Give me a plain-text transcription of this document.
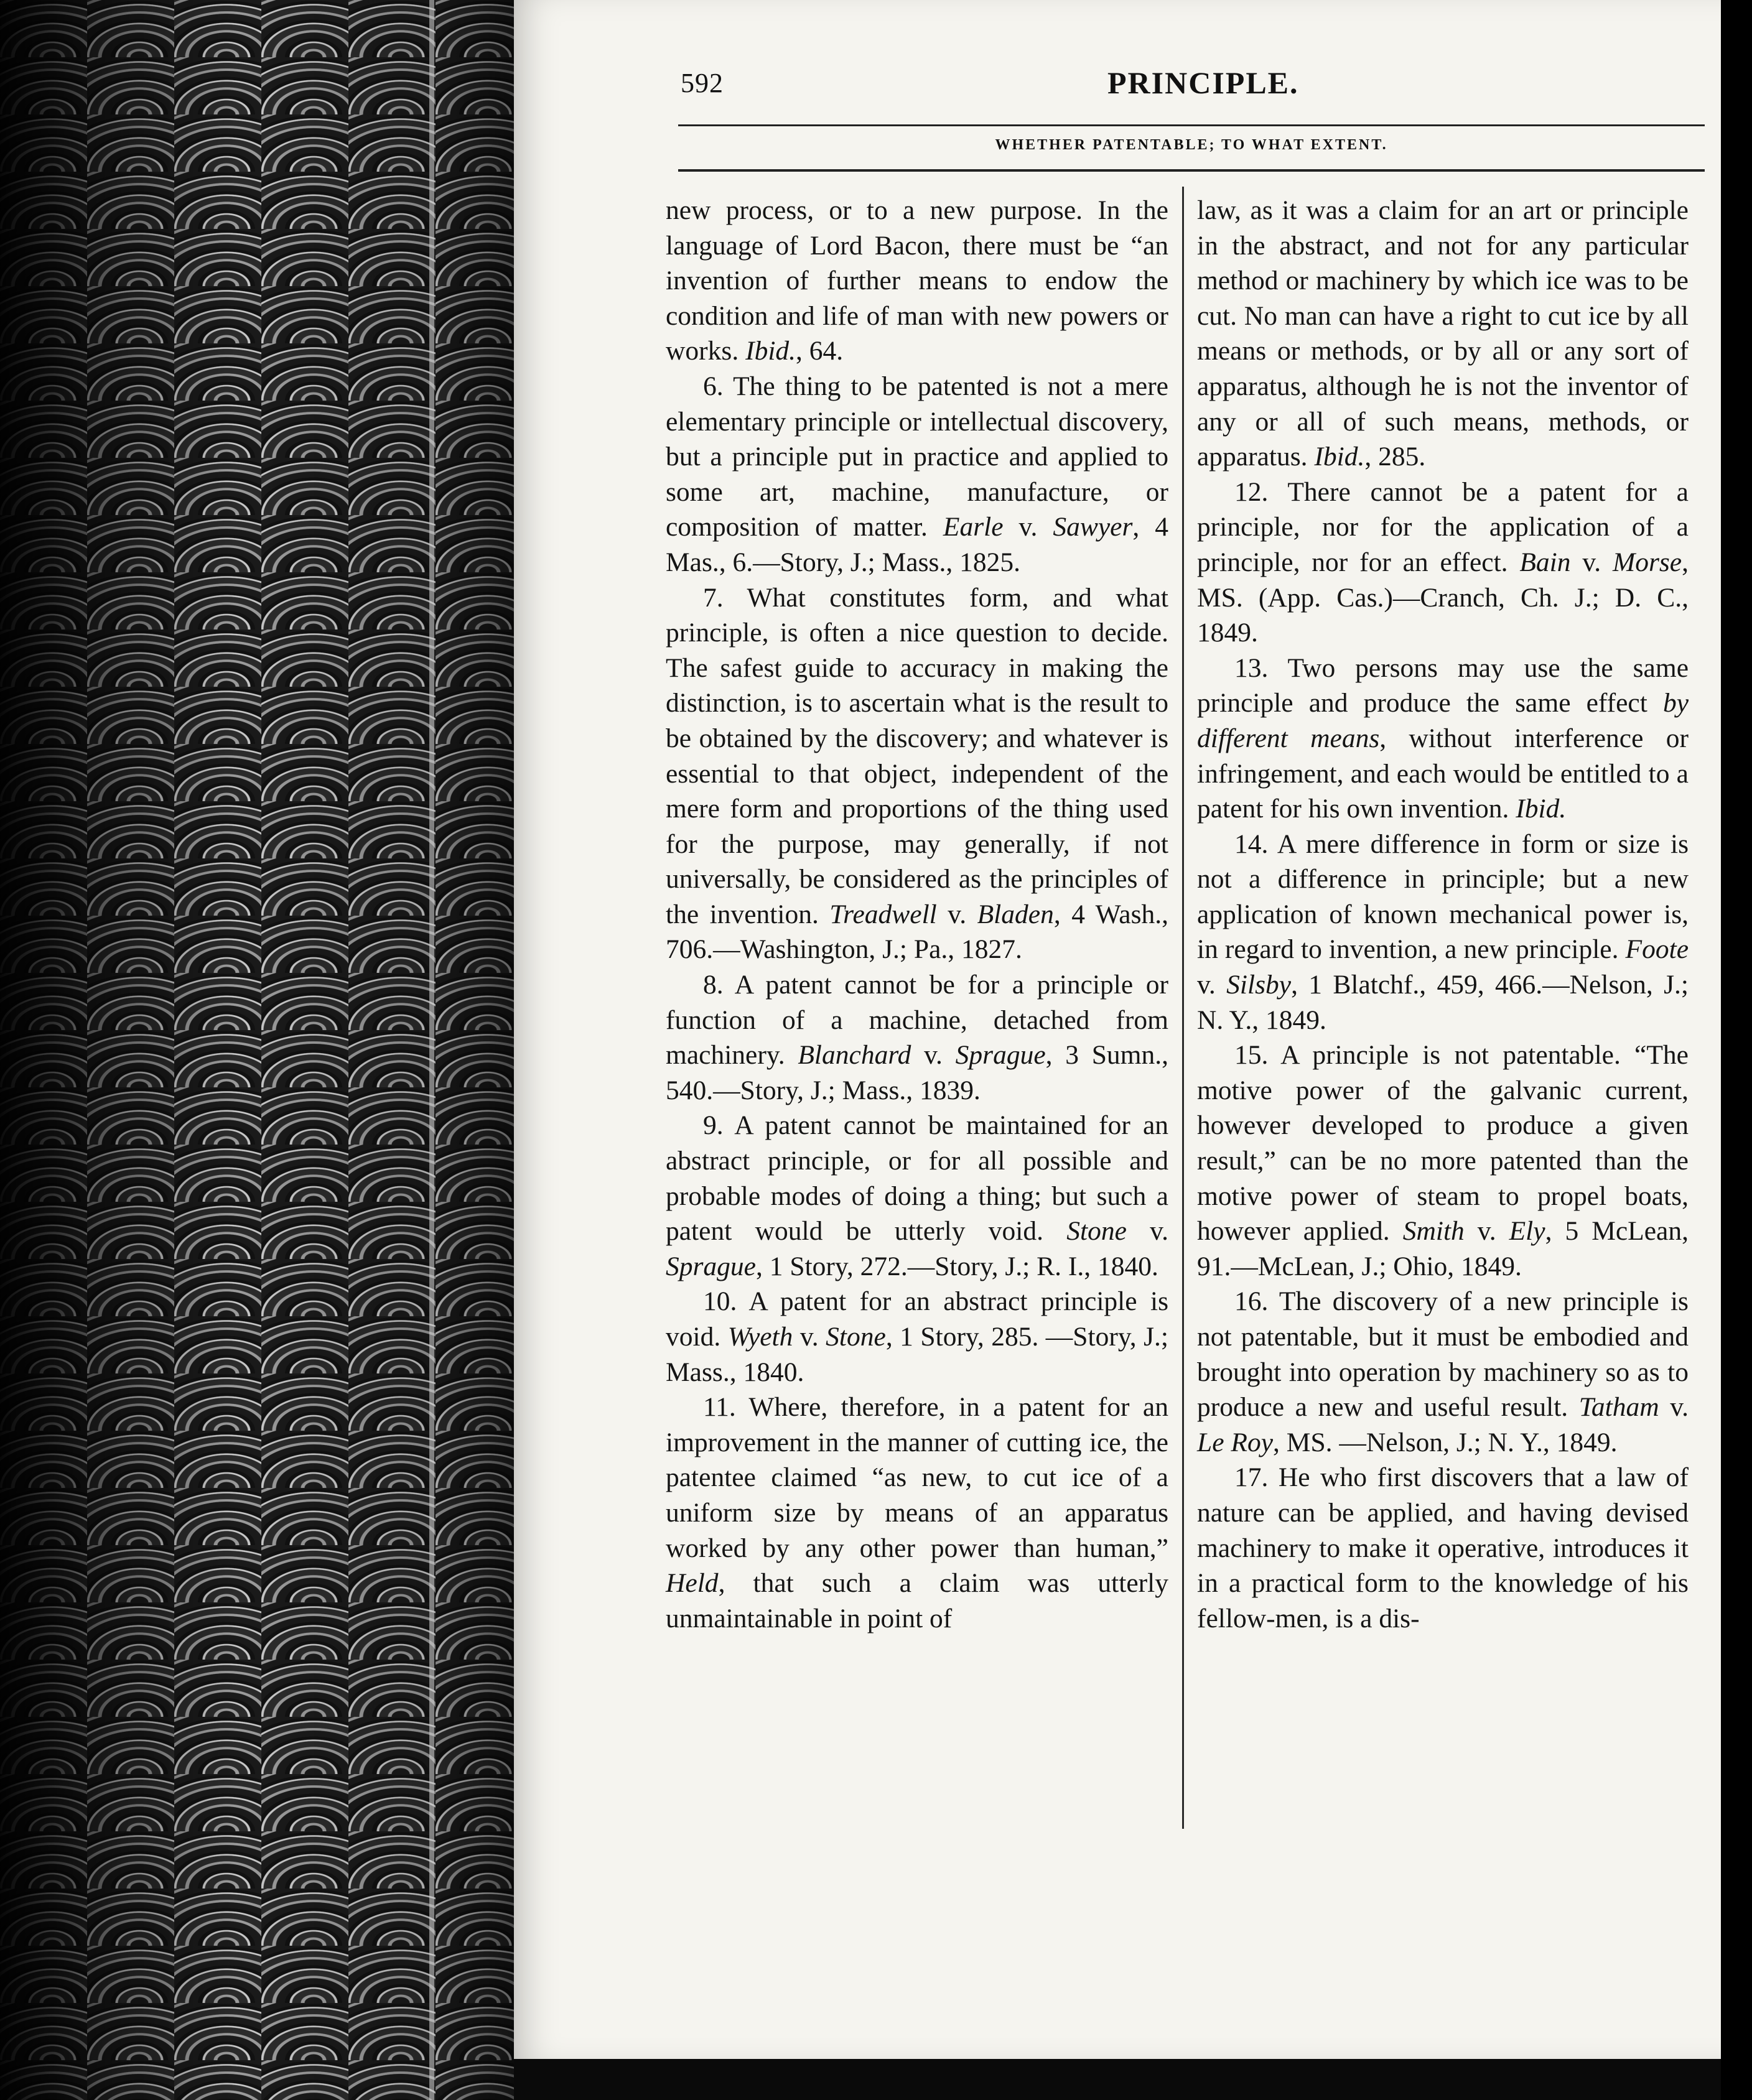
592	PRINCIPLE.
WHETHER PATENTABLE; TO WHAT EXTENT.

new process, or to a new purpose. In the language of Lord Bacon, there must be “an invention of further means to endow the condition and life of man with new powers or works. Ibid., 64.

6. The thing to be patented is not a mere elementary principle or intellectual discovery, but a principle put in practice and applied to some art, machine, manufacture, or composition of matter. Earle v. Sawyer, 4 Mas., 6.—Story, J.; Mass., 1825.

7. What constitutes form, and what principle, is often a nice question to decide. The safest guide to accuracy in making the distinction, is to ascertain what is the result to be obtained by the discovery; and whatever is essential to that object, independent of the mere form and proportions of the thing used for the purpose, may generally, if not universally, be considered as the principles of the invention. Treadwell v. Bladen, 4 Wash., 706.—Washington, J.; Pa., 1827.

8. A patent cannot be for a principle or function of a machine, detached from machinery. Blanchard v. Sprague, 3 Sumn., 540.—Story, J.; Mass., 1839.

9. A patent cannot be maintained for an abstract principle, or for all possible and probable modes of doing a thing; but such a patent would be utterly void. Stone v. Sprague, 1 Story, 272.—Story, J.; R. I., 1840.

10. A patent for an abstract principle is void. Wyeth v. Stone, 1 Story, 285. —Story, J.; Mass., 1840.

11. Where, therefore, in a patent for an improvement in the manner of cutting ice, the patentee claimed “as new, to cut ice of a uniform size by means of an apparatus worked by any other power than human,” Held, that such a claim was utterly unmaintainable in point of

law, as it was a claim for an art or principle in the abstract, and not for any particular method or machinery by which ice was to be cut. No man can have a right to cut ice by all means or methods, or by all or any sort of apparatus, although he is not the inventor of any or all of such means, methods, or apparatus. Ibid., 285.

12. There cannot be a patent for a principle, nor for the application of a principle, nor for an effect. Bain v. Morse, MS. (App. Cas.)—Cranch, Ch. J.; D. C., 1849.

13. Two persons may use the same principle and produce the same effect by different means, without interference or infringement, and each would be entitled to a patent for his own invention. Ibid.

14. A mere difference in form or size is not a difference in principle; but a new application of known mechanical power is, in regard to invention, a new principle. Foote v. Silsby, 1 Blatchf., 459, 466.—Nelson, J.; N. Y., 1849.

15. A principle is not patentable. “The motive power of the galvanic current, however developed to produce a given result,” can be no more patented than the motive power of steam to propel boats, however applied. Smith v. Ely, 5 McLean, 91.—McLean, J.; Ohio, 1849.

16. The discovery of a new principle is not patentable, but it must be embodied and brought into operation by machinery so as to produce a new and useful result. Tatham v. Le Roy, MS. —Nelson, J.; N. Y., 1849.

17. He who first discovers that a law of nature can be applied, and having devised machinery to make it operative, introduces it in a practical form to the knowledge of his fellow-men, is a dis-
